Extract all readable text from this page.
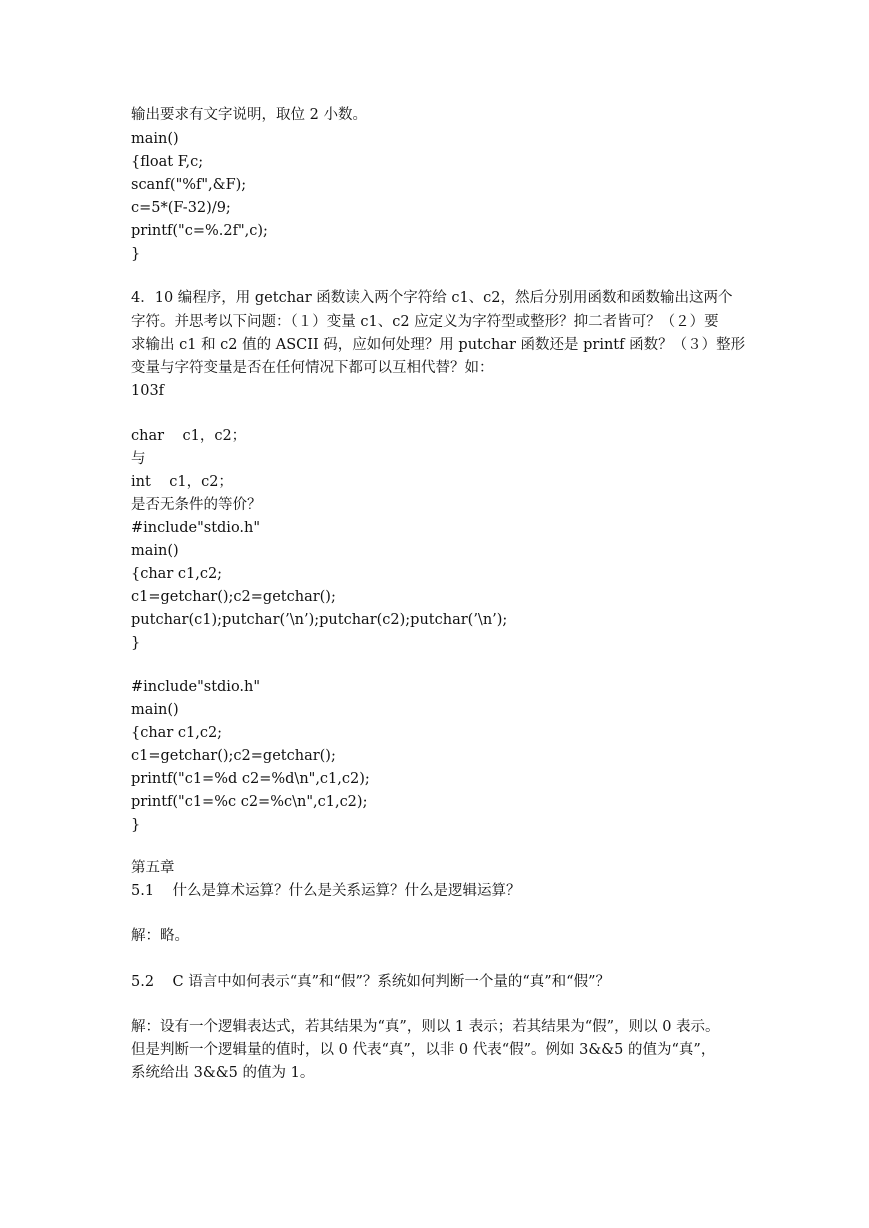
输出要求有文字说明，取位 2 小数。
main()
{float F,c;
scanf("%f",&F);
c=5*(F-32)/9;
printf("c=%.2f",c);
}
4．10 编程序，用 getchar 函数读入两个字符给 c1、c2，然后分别用函数和函数输出这两个
字符。并思考以下问题：（１）变量 c1、c2 应定义为字符型或整形？抑二者皆可？（２）要
求输出 c1 和 c2 值的 ASCII 码，应如何处理？用 putchar 函数还是 printf 函数？（３）整形
变量与字符变量是否在任何情况下都可以互相代替？如：
103f
char    c1，c2；
与
int    c1，c2；
是否无条件的等价？
#include"stdio.h"
main()
{char c1,c2;
c1=getchar();c2=getchar();
putchar(c1);putchar(’\n’);putchar(c2);putchar(’\n’);
}
#include"stdio.h"
main()
{char c1,c2;
c1=getchar();c2=getchar();
printf("c1=%d c2=%d\n",c1,c2);
printf("c1=%c c2=%c\n",c1,c2);
}
第五章
5.1    什么是算术运算？什么是关系运算？什么是逻辑运算？
解：略。
5.2    C 语言中如何表示“真”和“假”？系统如何判断一个量的“真”和“假”？
解：设有一个逻辑表达式，若其结果为“真”，则以 1 表示；若其结果为“假”，则以 0 表示。
但是判断一个逻辑量的值时，以 0 代表“真”，以非 0 代表“假”。例如 3&&5 的值为“真”，
系统给出 3&&5 的值为 1。
